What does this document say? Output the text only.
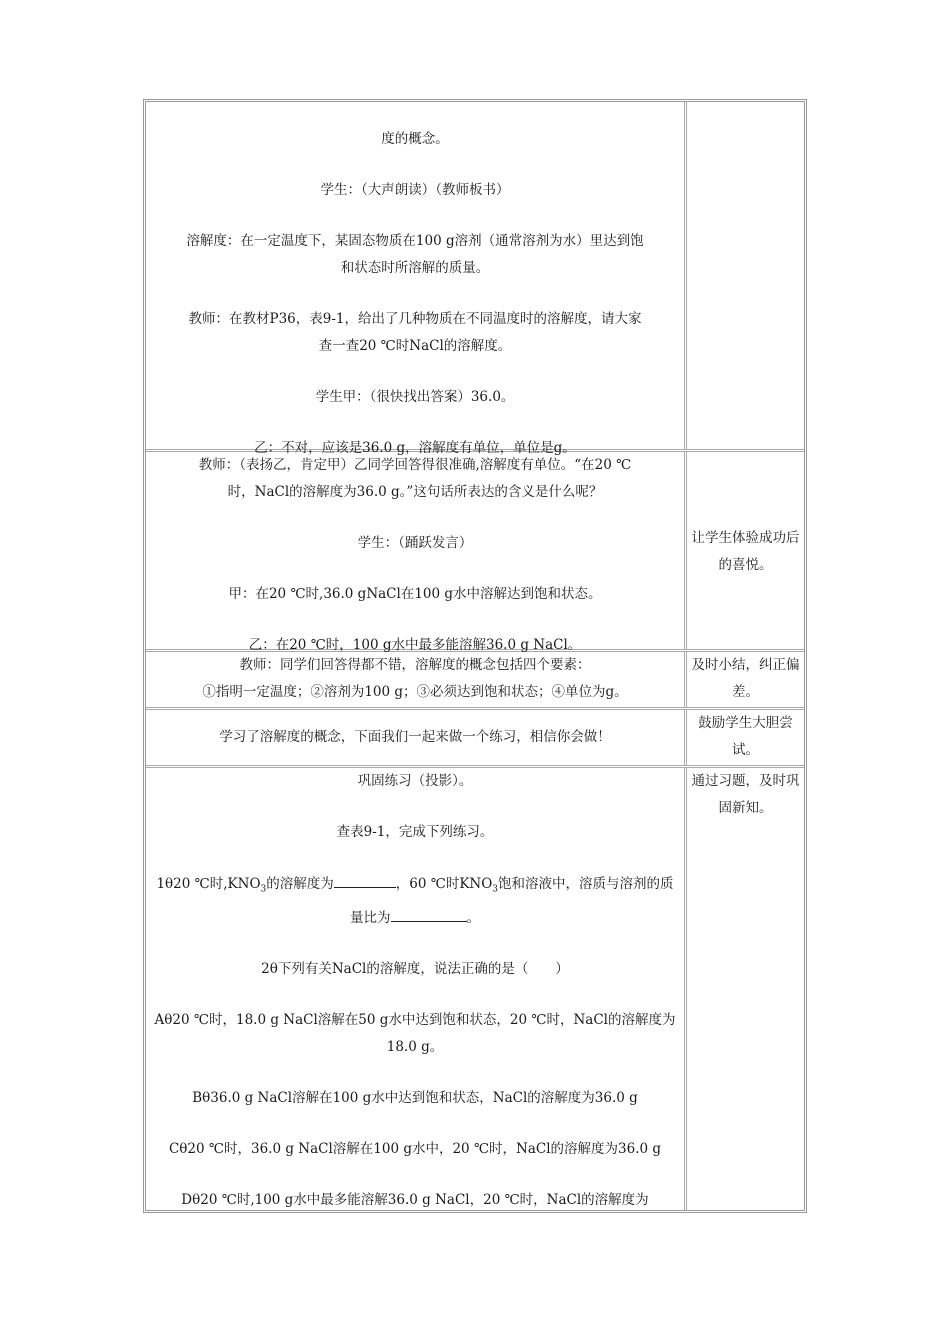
度的概念。

学生：（大声朗读）（教师板书）

溶解度：在一定温度下，某固态物质在100 g溶剂（通常溶剂为水）里达到饱和状态时所溶解的质量。

教师：在教材P36，表9-1，给出了几种物质在不同温度时的溶解度，请大家查一查20 ℃时NaCl的溶解度。

学生甲：（很快找出答案）36.0。

乙：不对，应该是36.0 g，溶解度有单位，单位是g。

教师：（表扬乙，肯定甲）乙同学回答得很准确,溶解度有单位。“在20 ℃时，NaCl的溶解度为36.0 g。”这句话所表达的含义是什么呢？

学生：（踊跃发言）

甲：在20 ℃时,36.0 gNaCl在100 g水中溶解达到饱和状态。

乙：在20 ℃时，100 g水中最多能溶解36.0 g NaCl。

让学生体验成功后的喜悦。

教师：同学们回答得都不错，溶解度的概念包括四个要素：

①指明一定温度；②溶剂为100 g；③必须达到饱和状态；④单位为g。

及时小结，纠正偏差。

学习了溶解度的概念，下面我们一起来做一个练习，相信你会做！

鼓励学生大胆尝试。

巩固练习（投影）。

查表9-1，完成下列练习。

1θ20 ℃时$,KNO_3$的溶解度为	，60 ℃时$KNO_3$饱和溶液中，溶质与溶剂的质量比为	。

2θ下列有关NaCl的溶解度，说法正确的是（　　）

Aθ20 ℃时，18.0 g NaCl溶解在50 g水中达到饱和状态，20 ℃时，NaCl的溶解度为18.0 g。

Bθ36.0 g NaCl溶解在100 g水中达到饱和状态，NaCl的溶解度为36.0 g

Cθ20 ℃时，36.0 g NaCl溶解在100 g水中，20 ℃时，NaCl的溶解度为36.0 g

Dθ20 ℃时,100 g水中最多能溶解36.0 g NaCl，20 ℃时，NaCl的溶解度为

通过习题，及时巩固新知。
